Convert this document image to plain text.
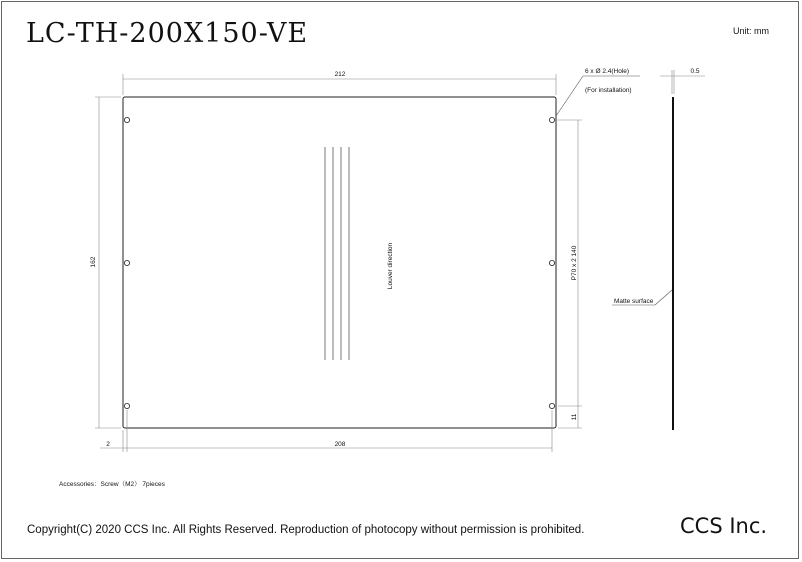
LC-TH-200X150-VE	Unit: mm
Louver direction
212
162
2	208
P70 x 2 140
11
6 x Ø 2.4(Hole)
(For installation)
0.5
Matte surface
Accessories：Screw（M2） 7pieces
Copyright(C) 2020 CCS Inc. All Rights Reserved. Reproduction of photocopy without permission is prohibited.	CCS Inc.
